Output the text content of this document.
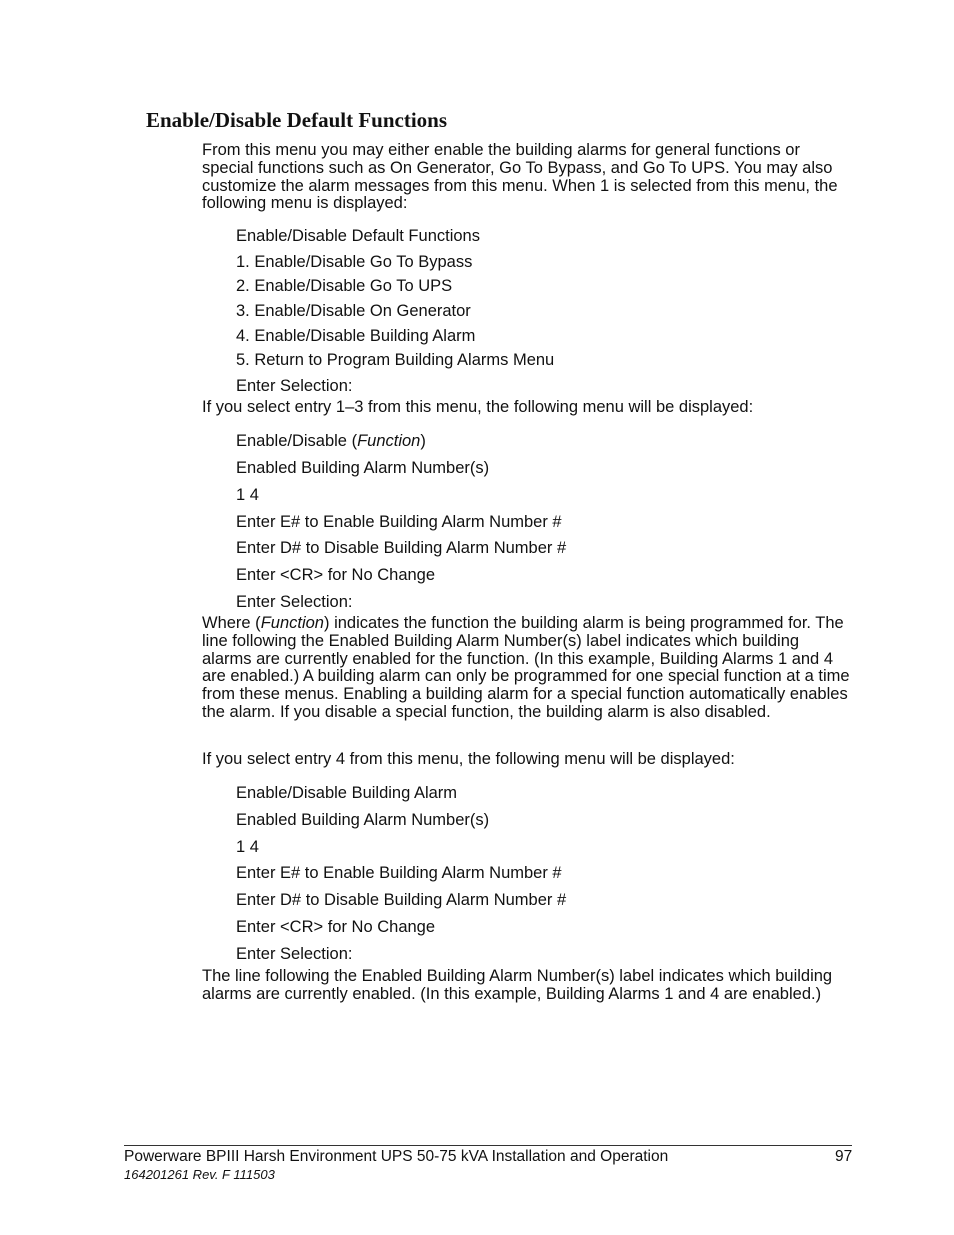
Enable/Disable Default Functions
From this menu you may either enable the building alarms for general functions or special functions such as On Generator, Go To Bypass, and Go To UPS. You may also customize the alarm messages from this menu. When 1 is selected from this menu, the following menu is displayed:
Enable/Disable Default Functions
1. Enable/Disable Go To Bypass
2. Enable/Disable Go To UPS
3. Enable/Disable On Generator
4. Enable/Disable Building Alarm
5. Return to Program Building Alarms Menu
Enter Selection:
If you select entry 1–3 from this menu, the following menu will be displayed:
Enable/Disable (Function)
Enabled Building Alarm Number(s)
1 4
Enter E# to Enable Building Alarm Number #
Enter D# to Disable Building Alarm Number #
Enter <CR> for No Change
Enter Selection:
Where (Function) indicates the function the building alarm is being programmed for. The line following the Enabled Building Alarm Number(s) label indicates which building alarms are currently enabled for the function. (In this example, Building Alarms 1 and 4 are enabled.) A building alarm can only be programmed for one special function at a time from these menus. Enabling a building alarm for a special function automatically enables the alarm. If you disable a special function, the building alarm is also disabled.
If you select entry 4 from this menu, the following menu will be displayed:
Enable/Disable Building Alarm
Enabled Building Alarm Number(s)
1 4
Enter E# to Enable Building Alarm Number #
Enter D# to Disable Building Alarm Number #
Enter <CR> for No Change
Enter Selection:
The line following the Enabled Building Alarm Number(s) label indicates which building alarms are currently enabled. (In this example, Building Alarms 1 and 4 are enabled.)
Powerware BPIII Harsh Environment UPS 50‑75 kVA Installation and Operation	97
164201261 Rev. F 111503
